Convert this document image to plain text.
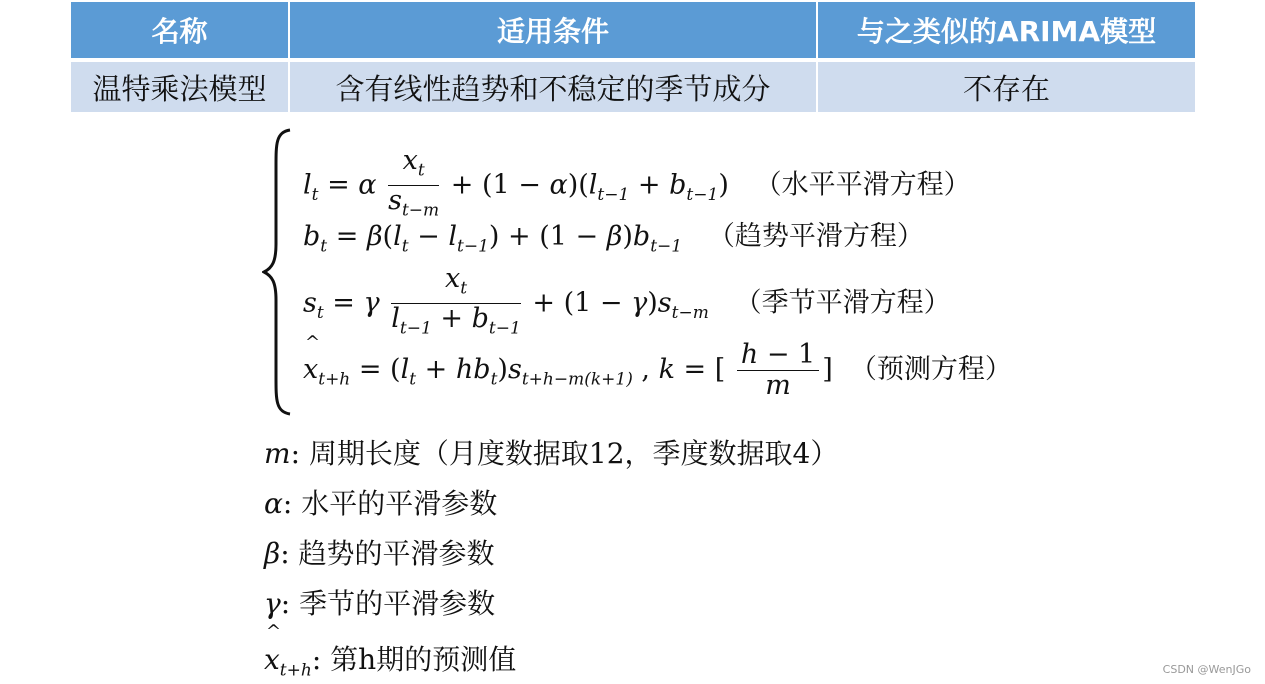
名称	适用条件	与之类似的ARIMA模型
温特乘法模型	含有线性趋势和不稳定的季节成分	不存在
$l_t = \alpha \frac{x_t}{s_{t-m}} + (1 - \alpha)(l_{t-1} + b_{t-1})$   （水平平滑方程）
$b_t = \beta(l_t - l_{t-1}) + (1 - \beta)b_{t-1}$ （趋势平滑方程）
$s_t = \gamma \frac{x_t}{l_{t-1} + b_{t-1}} + (1 - \gamma)s_{t-m}$ （季节平滑方程）
^ $x_{t+h} = (l_t + hb_t)s_{t+h-m(k+1)}$ , k = [ $\frac{h - 1}{m}$ ]  （预测方程）
m: 周期长度（月度数据取12，季度数据取4）
α: 水平的平滑参数
β: 趋势的平滑参数
γ: 季节的平滑参数
^ $x_{t+h}$: 第h期的预测值	CSDN @WenJGo
